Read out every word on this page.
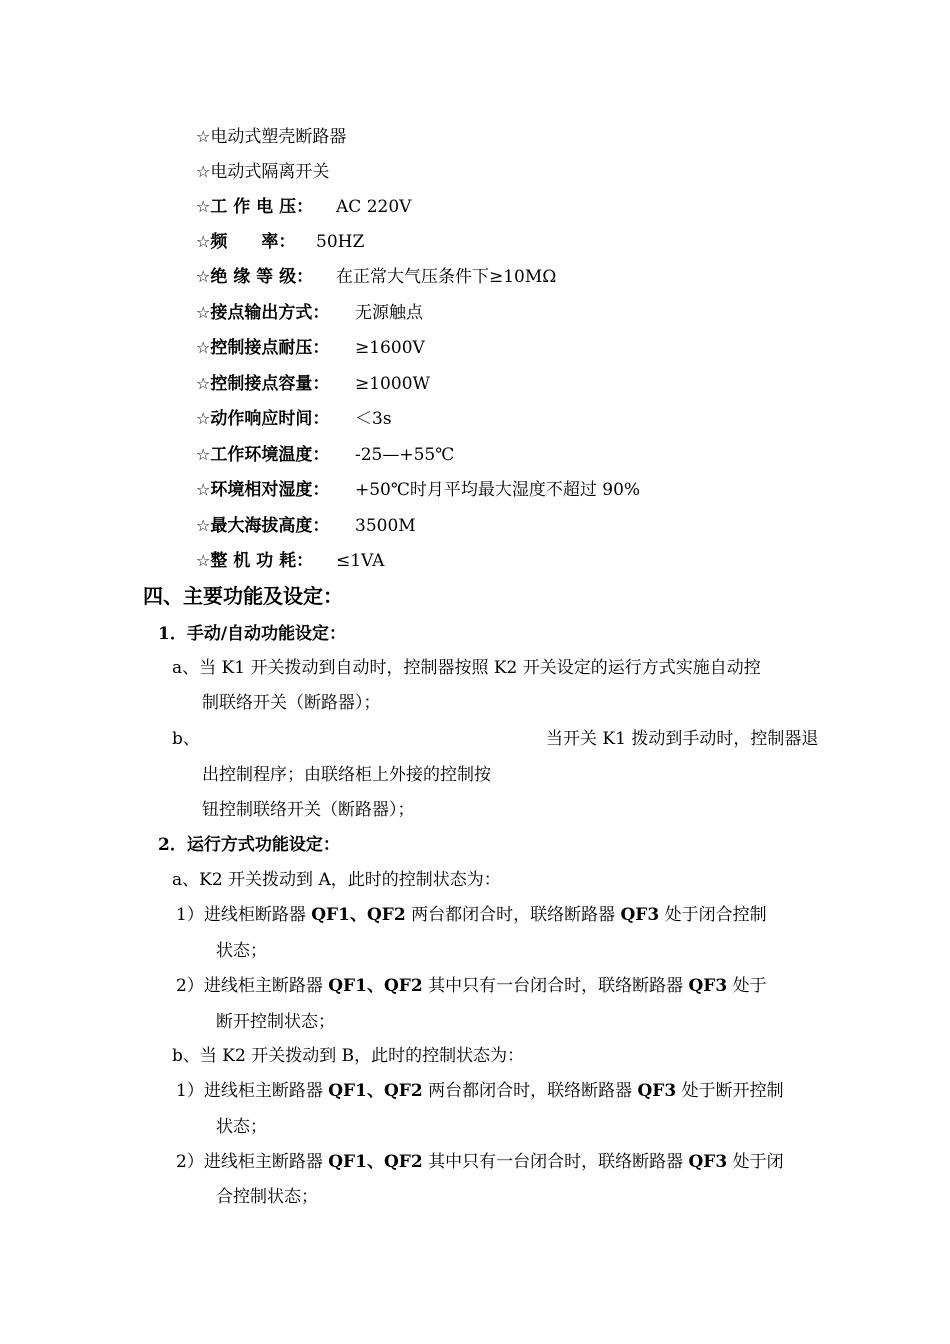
☆电动式塑壳断路器
☆电动式隔离开关
☆工 作 电 压： AC 220V
☆频　　率： 50HZ
☆绝 缘 等 级： 在正常大气压条件下≥10MΩ
☆接点输出方式： 无源触点
☆控制接点耐压： ≥1600V
☆控制接点容量： ≥1000W
☆动作响应时间： ＜3s
☆工作环境温度： -25—+55℃
☆环境相对湿度： +50℃时月平均最大湿度不超过 90%
☆最大海拔高度： 3500M
☆整 机 功 耗： ≤1VA
四、主要功能及设定：
1．手动/自动功能设定：
a、当 K1 开关拨动到自动时，控制器按照 K2 开关设定的运行方式实施自动控
制联络开关（断路器）；
b、	当开关 K1 拨动到手动时，控制器退
出控制程序；由联络柜上外接的控制按
钮控制联络开关（断路器）；
2．运行方式功能设定：
a、K2 开关拨动到 A，此时的控制状态为：
1）进线柜断路器 QF1、QF2 两台都闭合时，联络断路器 QF3 处于闭合控制
状态；
2）进线柜主断路器 QF1、QF2 其中只有一台闭合时，联络断路器 QF3 处于
断开控制状态；
b、当 K2 开关拨动到 B，此时的控制状态为：
1）进线柜主断路器 QF1、QF2 两台都闭合时，联络断路器 QF3 处于断开控制
状态；
2）进线柜主断路器 QF1、QF2 其中只有一台闭合时，联络断路器 QF3 处于闭
合控制状态；
